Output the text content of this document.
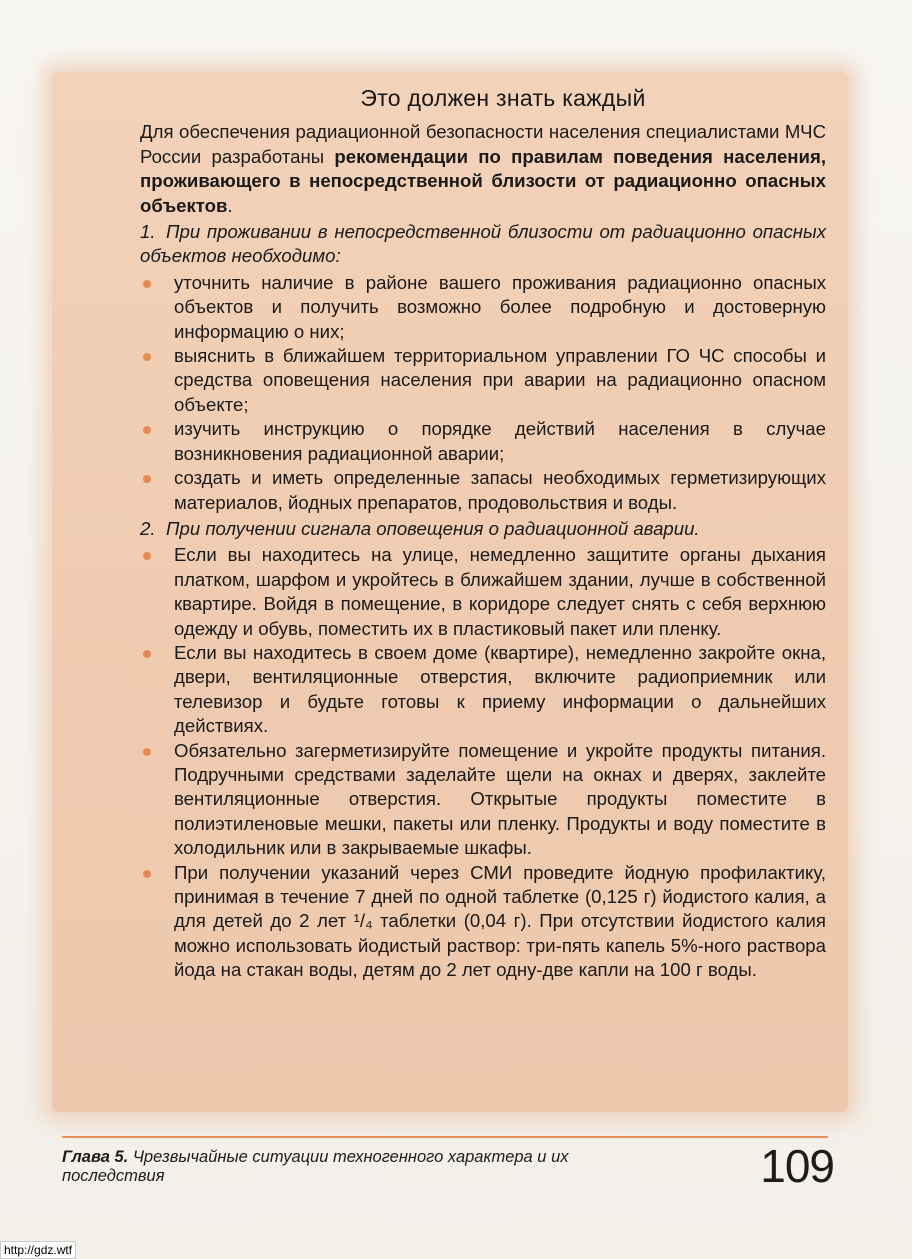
Это должен знать каждый

Для обеспечения радиационной безопасности населения специалистами МЧС России разработаны рекомендации по правилам поведения населения, проживающего в непосредственной близости от радиационно опасных объектов.

1. При проживании в непосредственной близости от радиационно опасных объектов необходимо:

уточнить наличие в районе вашего проживания радиационно опасных объектов и получить возможно более подробную и достоверную информацию о них;
выяснить в ближайшем территориальном управлении ГО ЧС способы и средства оповещения населения при аварии на радиационно опасном объекте;
изучить инструкцию о порядке действий населения в случае возникновения радиационной аварии;
создать и иметь определенные запасы необходимых герметизирующих материалов, йодных препаратов, продовольствия и воды.

2. При получении сигнала оповещения о радиационной аварии.

Если вы находитесь на улице, немедленно защитите органы дыхания платком, шарфом и укройтесь в ближайшем здании, лучше в собственной квартире. Войдя в помещение, в коридоре следует снять с себя верхнюю одежду и обувь, поместить их в пластиковый пакет или пленку.
Если вы находитесь в своем доме (квартире), немедленно закройте окна, двери, вентиляционные отверстия, включите радиоприемник или телевизор и будьте готовы к приему информации о дальнейших действиях.
Обязательно загерметизируйте помещение и укройте продукты питания. Подручными средствами заделайте щели на окнах и дверях, заклейте вентиляционные отверстия. Открытые продукты поместите в полиэтиленовые мешки, пакеты или пленку. Продукты и воду поместите в холодильник или в закрываемые шкафы.
При получении указаний через СМИ проведите йодную профилактику, принимая в течение 7 дней по одной таблетке (0,125 г) йодистого калия, а для детей до 2 лет ¹/₄ таблетки (0,04 г). При отсутствии йодистого калия можно использовать йодистый раствор: три-пять капель 5%-ного раствора йода на стакан воды, детям до 2 лет одну-две капли на 100 г воды.
Глава 5. Чрезвычайные ситуации техногенного характера и их последствия	109
http://gdz.wtf
